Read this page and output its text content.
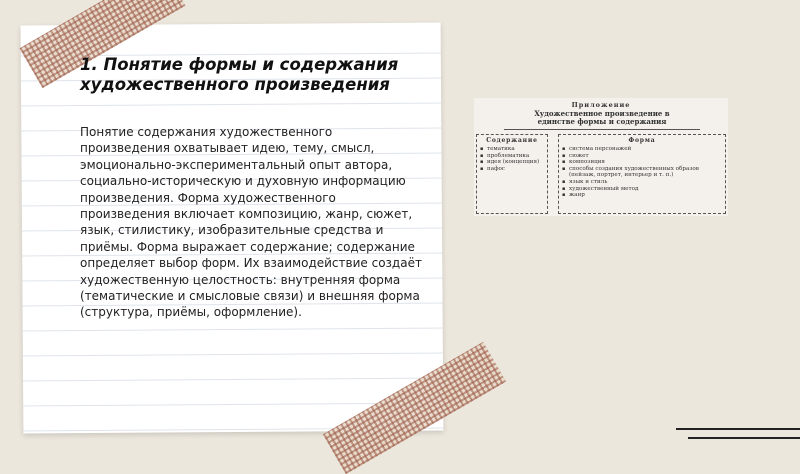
1. Понятие формы и содержания художественного произведения

Понятие содержания художественного произведения охватывает идею, тему, смысл, эмоционально-экспериментальный опыт автора, социально-историческую и духовную информацию произведения. Форма художественного произведения включает композицию, жанр, сюжет, язык, стилистику, изобразительные средства и приёмы. Форма выражает содержание; содержание определяет выбор форм. Их взаимодействие создаёт художественную целостность: внутренняя форма (тематические и смысловые связи) и внешняя форма (структура, приёмы, оформление).

Приложение
Художественное произведение в единстве формы и содержания
Содержание
▪ тематика
▪ проблематика
▪ идея (концепция)
▪ пафос
Форма
▪ система персонажей
▪ сюжет
▪ композиция
▪ способы создания художественных образов (пейзаж, портрет, интерьер и т. п.)
▪ язык и стиль
▪ художественный метод
▪ жанр
